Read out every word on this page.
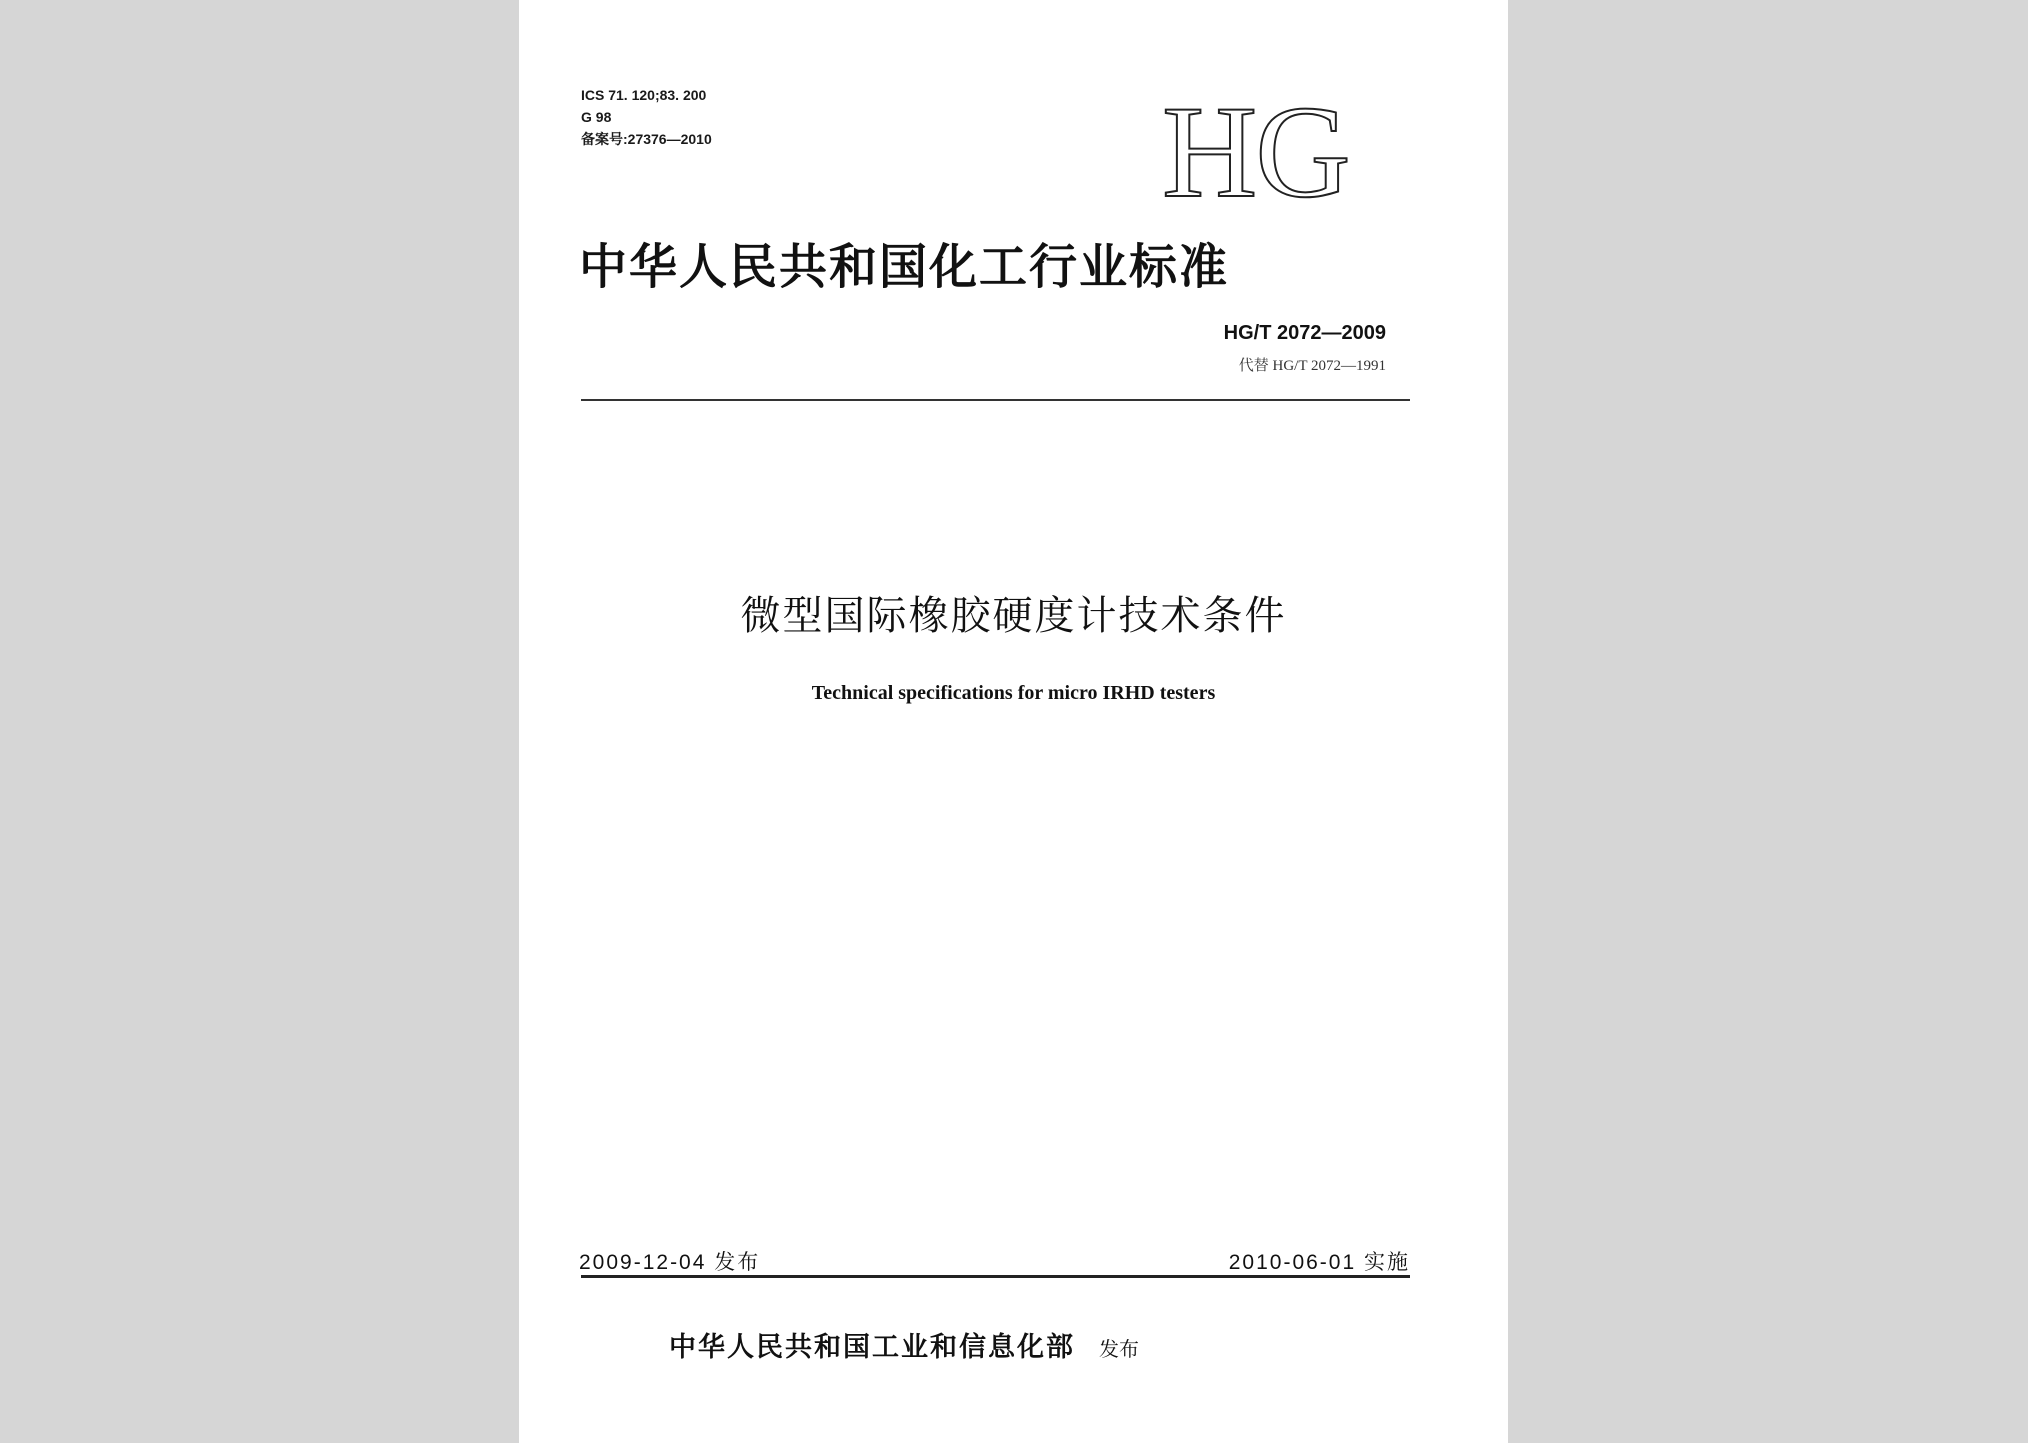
ICS 71. 120;83. 200
G 98
备案号:27376—2010	HG
中华人民共和国化工行业标准
HG/T 2072—2009
代替 HG/T 2072—1991
微型国际橡胶硬度计技术条件
Technical specifications for micro IRHD testers
2009-12-04 发布	2010-06-01 实施
中华人民共和国工业和信息化部 发布
